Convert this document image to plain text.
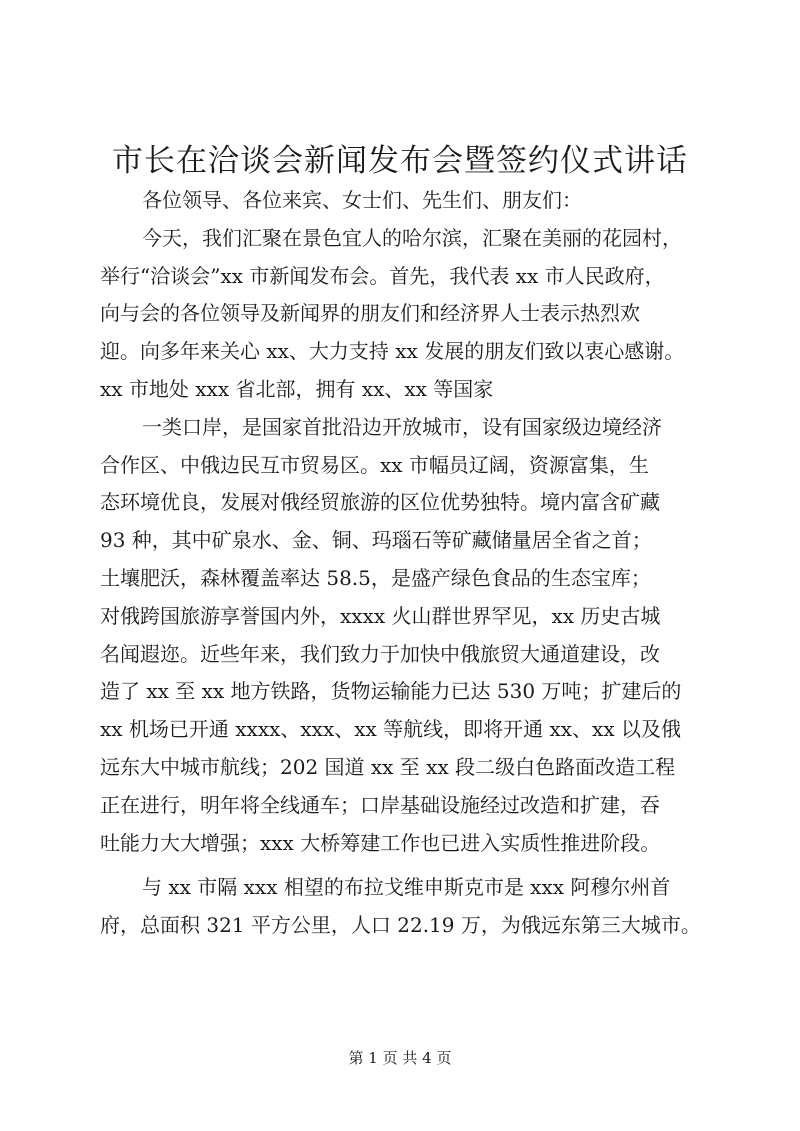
市长在洽谈会新闻发布会暨签约仪式讲话
各位领导、各位来宾、女士们、先生们、朋友们：
今天，我们汇聚在景色宜人的哈尔滨，汇聚在美丽的花园村，
举行“洽谈会”xx 市新闻发布会。首先，我代表 xx 市人民政府，
向与会的各位领导及新闻界的朋友们和经济界人士表示热烈欢
迎。向多年来关心 xx、大力支持 xx 发展的朋友们致以衷心感谢。
xx 市地处 xxx 省北部，拥有 xx、xx 等国家
一类口岸，是国家首批沿边开放城市，设有国家级边境经济
合作区、中俄边民互市贸易区。xx 市幅员辽阔，资源富集，生
态环境优良，发展对俄经贸旅游的区位优势独特。境内富含矿藏
93 种，其中矿泉水、金、铜、玛瑙石等矿藏储量居全省之首；
土壤肥沃，森林覆盖率达 58.5，是盛产绿色食品的生态宝库；
对俄跨国旅游享誉国内外，xxxx 火山群世界罕见，xx 历史古城
名闻遐迩。近些年来，我们致力于加快中俄旅贸大通道建设，改
造了 xx 至 xx 地方铁路，货物运输能力已达 530 万吨；扩建后的
xx 机场已开通 xxxx、xxx、xx 等航线，即将开通 xx、xx 以及俄
远东大中城市航线；202 国道 xx 至 xx 段二级白色路面改造工程
正在进行，明年将全线通车；口岸基础设施经过改造和扩建，吞
吐能力大大增强；xxx 大桥筹建工作也已进入实质性推进阶段。
与 xx 市隔 xxx 相望的布拉戈维申斯克市是 xxx 阿穆尔州首
府，总面积 321 平方公里，人口 22.19 万，为俄远东第三大城市。
第 1 页 共 4 页
